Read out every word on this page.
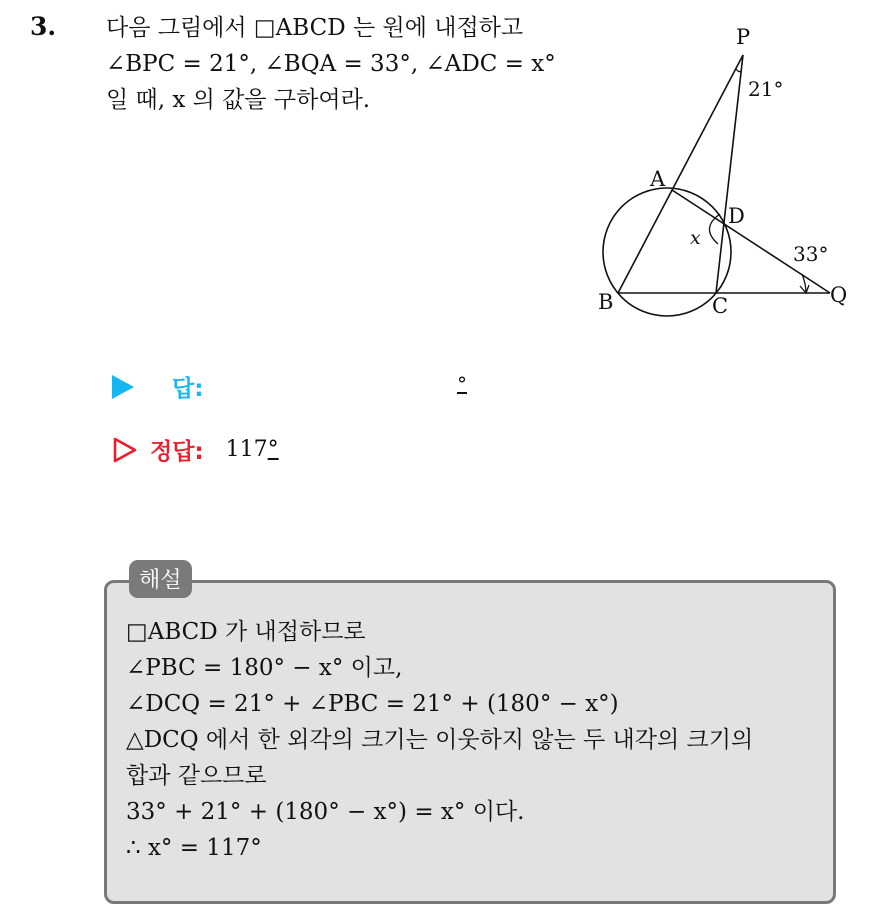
3. 다음 그림에서 □ABCD 는 원에 내접하고
∠BPC = 21°, ∠BQA = 33°, ∠ADC = x°
일 때, x 의 값을 구하여라.
P
21°
A
D
x
33°
B	C	Q
답:	°
정답: 117°
해설
□ABCD 가 내접하므로
∠PBC = 180° − x° 이고,
∠DCQ = 21° + ∠PBC = 21° + (180° − x°)
△DCQ 에서 한 외각의 크기는 이웃하지 않는 두 내각의 크기의
합과 같으므로
33° + 21° + (180° − x°) = x° 이다.
∴ x° = 117°
